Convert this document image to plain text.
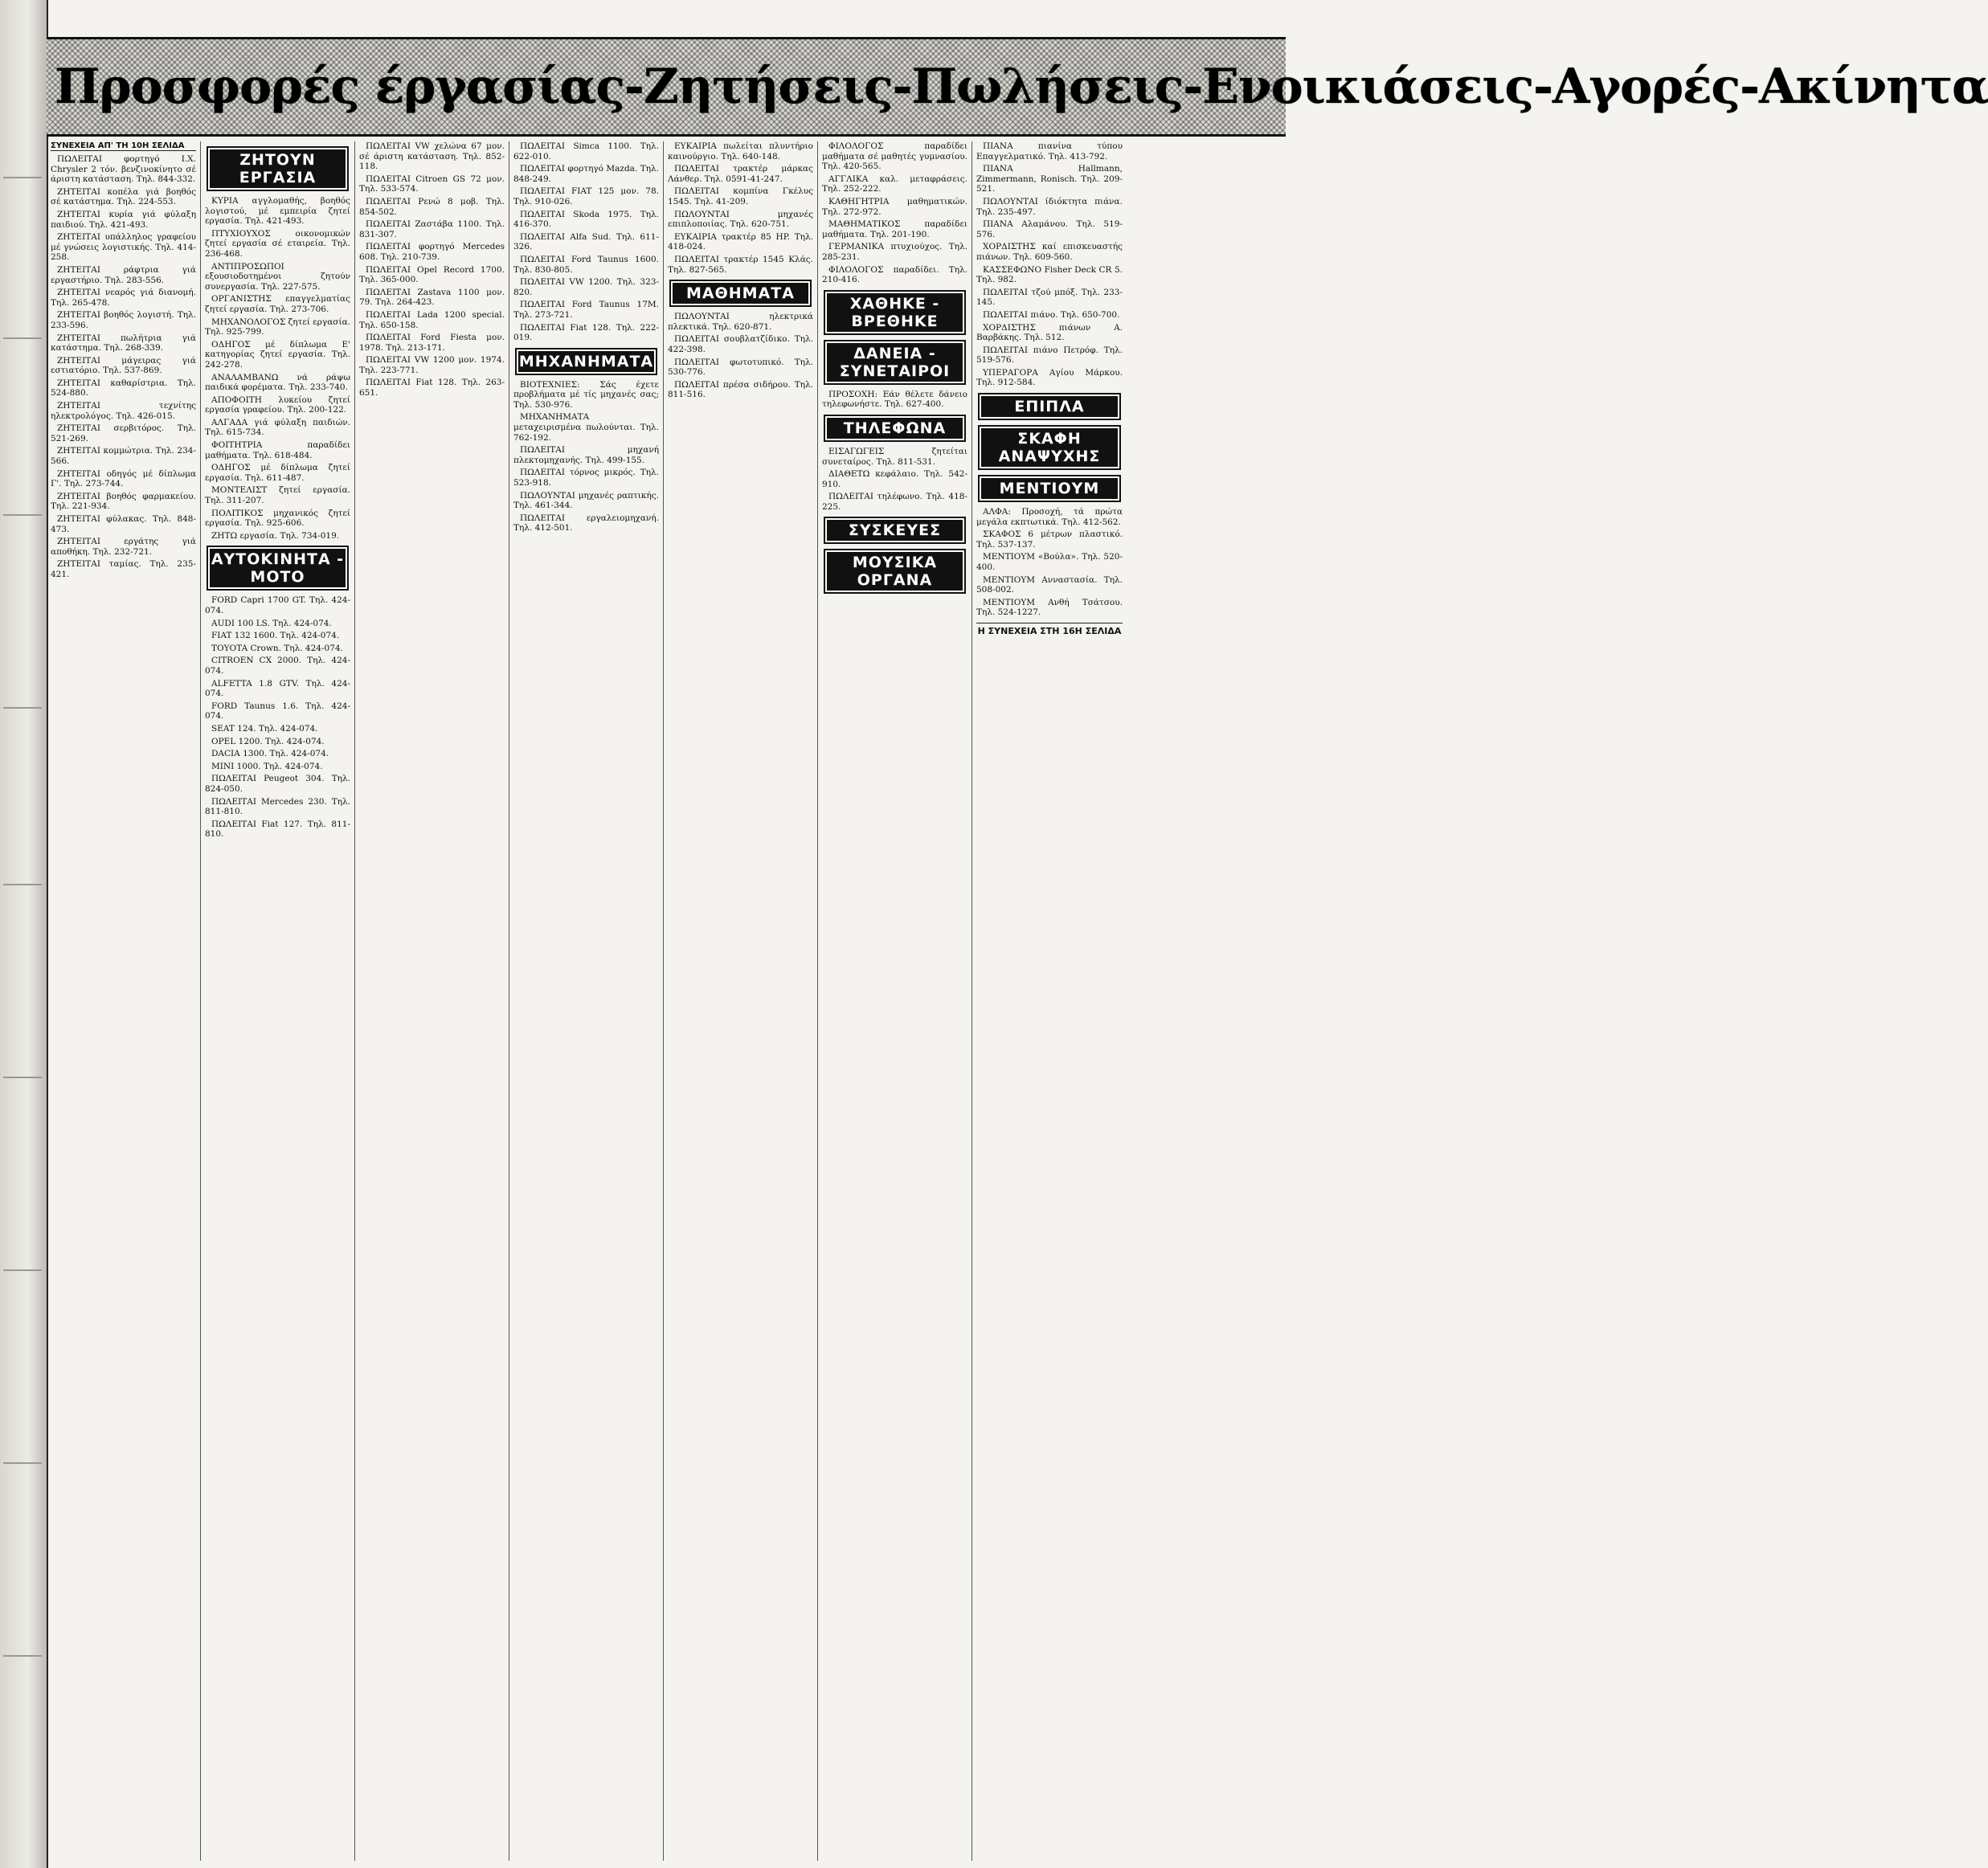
Προσφορές έργασίας-Ζητήσεις-Πωλήσεις-Ενοικιάσεις-Αγορές-Ακίνητα
ΣΥΝΕΧΕΙΑ ΑΠ' ΤΗ 10Η ΣΕΛΙΔΑ

ΠΩΛΕΙΤΑΙ φορτηγό Ι.Χ. Chrysler 2 τόν. βενζινοκίνητο σέ άριστη κατάσταση. Τηλ. 844-332.

ΖΗΤΕΙΤΑΙ κοπέλα γιά βοηθός σέ κατάστημα. Τηλ. 224-553.

ΖΗΤΕΙΤΑΙ κυρία γιά φύλαξη παιδιού. Τηλ. 421-493.

ΖΗΤΕΙΤΑΙ υπάλληλος γραφείου μέ γνώσεις λογιστικής. Τηλ. 414-258.

ΖΗΤΕΙΤΑΙ ράφτρια γιά εργαστήριο. Τηλ. 283-556.

ΖΗΤΕΙΤΑΙ νεαρός γιά διανομή. Τηλ. 265-478.

ΖΗΤΕΙΤΑΙ βοηθός λογιστή. Τηλ. 233-596.

ΖΗΤΕΙΤΑΙ πωλήτρια γιά κατάστημα. Τηλ. 268-339.

ΖΗΤΕΙΤΑΙ μάγειρας γιά εστιατόριο. Τηλ. 537-869.

ΖΗΤΕΙΤΑΙ καθαρίστρια. Τηλ. 524-880.

ΖΗΤΕΙΤΑΙ τεχνίτης ηλεκτρολόγος. Τηλ. 426-015.

ΖΗΤΕΙΤΑΙ σερβιτόρος. Τηλ. 521-269.

ΖΗΤΕΙΤΑΙ κομμώτρια. Τηλ. 234-566.

ΖΗΤΕΙΤΑΙ οδηγός μέ δίπλωμα Γ'. Τηλ. 273-744.

ΖΗΤΕΙΤΑΙ βοηθός φαρμακείου. Τηλ. 221-934.

ΖΗΤΕΙΤΑΙ φύλακας. Τηλ. 848-473.

ΖΗΤΕΙΤΑΙ εργάτης γιά αποθήκη. Τηλ. 232-721.

ΖΗΤΕΙΤΑΙ ταμίας. Τηλ. 235-421.

ΖΗΤΟΥΝ ΕΡΓΑΣΙΑ

ΚΥΡΙΑ αγγλομαθής, βοηθός λογιστού, μέ εμπειρία ζητεί εργασία. Τηλ. 421-493.

ΠΤΥΧΙΟΥΧΟΣ οικονομικών ζητεί εργασία σέ εταιρεία. Τηλ. 236-468.

ΑΝΤΙΠΡΟΣΩΠΟΙ εξουσιοδοτημένοι ζητούν συνεργασία. Τηλ. 227-575.

ΟΡΓΑΝΙΣΤΗΣ επαγγελματίας ζητεί εργασία. Τηλ. 273-706.

ΜΗΧΑΝΟΛΟΓΟΣ ζητεί εργασία. Τηλ. 925-799.

ΟΔΗΓΟΣ μέ δίπλωμα Ε' κατηγορίας ζητεί εργασία. Τηλ. 242-278.

ΑΝΑΛΑΜΒΑΝΩ νά ράψω παιδικά φορέματα. Τηλ. 233-740.

ΑΠΟΦΟΙΤΗ λυκείου ζητεί εργασία γραφείου. Τηλ. 200-122.

ΑΛΓΑΔΑ γιά φύλαξη παιδιών. Τηλ. 615-734.

ΦΟΙΤΗΤΡΙΑ παραδίδει μαθήματα. Τηλ. 618-484.

ΟΔΗΓΟΣ μέ δίπλωμα ζητεί εργασία. Τηλ. 611-487.

ΜΟΝΤΕΛΙΣΤ ζητεί εργασία. Τηλ. 311-207.

ΠΟΛΙΤΙΚΟΣ μηχανικός ζητεί εργασία. Τηλ. 925-606.

ΖΗΤΩ εργασία. Τηλ. 734-019.

ΑΥΤΟΚΙΝΗΤΑ - ΜΟΤΟ

FORD Capri 1700 GT. Τηλ. 424-074.

AUDI 100 LS. Τηλ. 424-074.

FIAT 132 1600. Τηλ. 424-074.

TOYOTA Crown. Τηλ. 424-074.

CITROEN CX 2000. Τηλ. 424-074.

ALFETTA 1.8 GTV. Τηλ. 424-074.

FORD Taunus 1.6. Τηλ. 424-074.

SEAT 124. Τηλ. 424-074.

OPEL 1200. Τηλ. 424-074.

DACIA 1300. Τηλ. 424-074.

MINI 1000. Τηλ. 424-074.

ΠΩΛΕΙΤΑΙ Peugeot 304. Τηλ. 824-050.

ΠΩΛΕΙΤΑΙ Mercedes 230. Τηλ. 811-810.

ΠΩΛΕΙΤΑΙ Fiat 127. Τηλ. 811-810.

ΠΩΛΕΙΤΑΙ VW χελώνα 67 μον. σέ άριστη κατάσταση. Τηλ. 852-118.

ΠΩΛΕΙΤΑΙ Citroen GS 72 μον. Τηλ. 533-574.

ΠΩΛΕΙΤΑΙ Ρενώ 8 μοβ. Τηλ. 854-502.

ΠΩΛΕΙΤΑΙ Ζαστάβα 1100. Τηλ. 831-307.

ΠΩΛΕΙΤΑΙ φορτηγό Mercedes 608. Τηλ. 210-739.

ΠΩΛΕΙΤΑΙ Opel Record 1700. Τηλ. 365-000.

ΠΩΛΕΙΤΑΙ Zastava 1100 μον. 79. Τηλ. 264-423.

ΠΩΛΕΙΤΑΙ Lada 1200 special. Τηλ. 650-158.

ΠΩΛΕΙΤΑΙ Ford Fiesta μον. 1978. Τηλ. 213-171.

ΠΩΛΕΙΤΑΙ VW 1200 μον. 1974. Τηλ. 223-771.

ΠΩΛΕΙΤΑΙ Fiat 128. Τηλ. 263-651.

ΠΩΛΕΙΤΑΙ Simca 1100. Τηλ. 622-010.

ΠΩΛΕΙΤΑΙ φορτηγό Mazda. Τηλ. 848-249.

ΠΩΛΕΙΤΑΙ FIAT 125 μον. 78. Τηλ. 910-026.

ΠΩΛΕΙΤΑΙ Skoda 1975. Τηλ. 416-370.

ΠΩΛΕΙΤΑΙ Alfa Sud. Τηλ. 611-326.

ΠΩΛΕΙΤΑΙ Ford Taunus 1600. Τηλ. 830-805.

ΠΩΛΕΙΤΑΙ VW 1200. Τηλ. 323-820.

ΠΩΛΕΙΤΑΙ Ford Taunus 17M. Τηλ. 273-721.

ΠΩΛΕΙΤΑΙ Fiat 128. Τηλ. 222-019.

ΜΗΧΑΝΗΜΑΤΑ

ΒΙΟΤΕΧΝΙΕΣ: Σάς έχετε προβλήματα μέ τίς μηχανές σας; Τηλ. 530-976.

ΜΗΧΑΝΗΜΑΤΑ μεταχειρισμένα πωλούνται. Τηλ. 762-192.

ΠΩΛΕΙΤΑΙ μηχανή πλεκτομηχανής. Τηλ. 499-155.

ΠΩΛΕΙΤΑΙ τόρνος μικρός. Τηλ. 523-918.

ΠΩΛΟΥΝΤΑΙ μηχανές ραπτικής. Τηλ. 461-344.

ΠΩΛΕΙΤΑΙ εργαλειομηχανή. Τηλ. 412-501.

ΕΥΚΑΙΡΙΑ πωλείται πλυντήριο καινούργιο. Τηλ. 640-148.

ΠΩΛΕΙΤΑΙ τρακτέρ μάρκας Λάνθερ. Τηλ. 0591-41-247.

ΠΩΛΕΙΤΑΙ κομπίνα Γκέλυς 1545. Τηλ. 41-209.

ΠΩΛΟΥΝΤΑΙ μηχανές επιπλοποιίας. Τηλ. 620-751.

ΕΥΚΑΙΡΙΑ τρακτέρ 85 HP. Τηλ. 418-024.

ΠΩΛΕΙΤΑΙ τρακτέρ 1545 Κλάς. Τηλ. 827-565.

ΜΑΘΗΜΑΤΑ

ΠΩΛΟΥΝΤΑΙ ηλεκτρικά πλεκτικά. Τηλ. 620-871.

ΠΩΛΕΙΤΑΙ σουβλατζίδικο. Τηλ. 422-398.

ΠΩΛΕΙΤΑΙ φωτοτυπικό. Τηλ. 530-776.

ΠΩΛΕΙΤΑΙ πρέσα σιδήρου. Τηλ. 811-516.

ΦΙΛΟΛΟΓΟΣ παραδίδει μαθήματα σέ μαθητές γυμνασίου. Τηλ. 420-565.

ΑΓΓΛΙΚΑ καλ. μεταφράσεις. Τηλ. 252-222.

ΚΑΘΗΓΗΤΡΙΑ μαθηματικών. Τηλ. 272-972.

ΜΑΘΗΜΑΤΙΚΟΣ παραδίδει μαθήματα. Τηλ. 201-190.

ΓΕΡΜΑΝΙΚΑ πτυχιούχος. Τηλ. 285-231.

ΦΙΛΟΛΟΓΟΣ παραδίδει. Τηλ. 210-416.

ΧΑΘΗΚΕ - ΒΡΕΘΗΚΕ
ΔΑΝΕΙΑ - ΣΥΝΕΤΑΙΡΟΙ

ΠΡΟΣΟΧΗ: Εάν θέλετε δάνειο τηλεφωνήστε. Τηλ. 627-400.

ΤΗΛΕΦΩΝΑ

ΕΙΣΑΓΩΓΕΙΣ ζητείται συνεταίρος. Τηλ. 811-531.

ΔΙΑΘΕΤΩ κεφάλαιο. Τηλ. 542-910.

ΠΩΛΕΙΤΑΙ τηλέφωνο. Τηλ. 418-225.

ΣΥΣΚΕΥΕΣ
ΜΟΥΣΙΚΑ ΟΡΓΑΝΑ

ΠΙΑΝΑ πιανίνα τύπου Επαγγελματικό. Τηλ. 413-792.

ΠΙΑΝΑ Hallmann, Zimmermann, Ronisch. Τηλ. 209-521.

ΠΩΛΟΥΝΤΑΙ ίδιόκτητα πιάνα. Τηλ. 235-497.

ΠΙΑΝΑ Αλαμάνου. Τηλ. 519-576.

ΧΟΡΔΙΣΤΗΣ καί επισκευαστής πιάνων. Τηλ. 609-560.

ΚΑΣΣΕΦΩΝΟ Fisher Deck CR 5. Τηλ. 982.

ΠΩΛΕΙΤΑΙ τζού μπόξ. Τηλ. 233-145.

ΠΩΛΕΙΤΑΙ πιάνο. Τηλ. 650-700.

ΧΟΡΔΙΣΤΗΣ πιάνων Α. Βαρβάκης. Τηλ. 512.

ΠΩΛΕΙΤΑΙ πιάνο Πετρόφ. Τηλ. 519-576.

ΥΠΕΡΑΓΟΡΑ Αγίου Μάρκου. Τηλ. 912-584.

ΕΠΙΠΛΑ
ΣΚΑΦΗ ΑΝΑΨΥΧΗΣ
ΜΕΝΤΙΟΥΜ

ΑΛΦΑ: Προσοχή, τά πρώτα μεγάλα εκπτωτικά. Τηλ. 412-562.

ΣΚΑΦΟΣ 6 μέτρων πλαστικό. Τηλ. 537-137.

ΜΕΝΤΙΟΥΜ «Βούλα». Τηλ. 520-400.

ΜΕΝΤΙΟΥΜ Ανναστασία. Τηλ. 508-002.

ΜΕΝΤΙΟΥΜ Ανθή Τσάτσου. Τηλ. 524-1227.

Η ΣΥΝΕΧΕΙΑ ΣΤΗ 16Η ΣΕΛΙΔΑ
